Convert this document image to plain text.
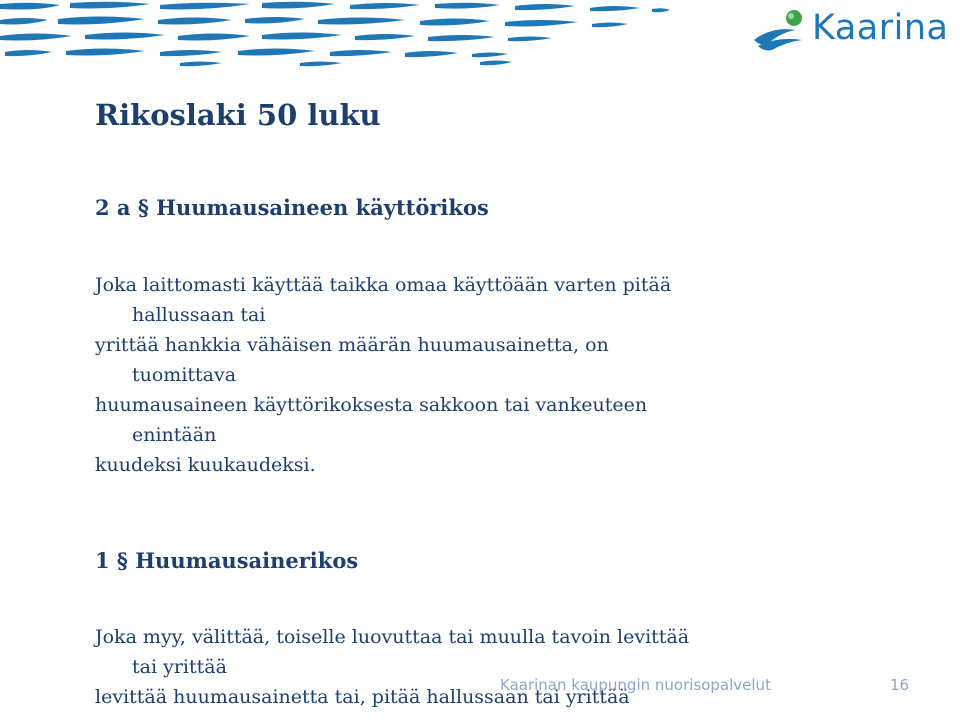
Kaarina
Rikoslaki 50 luku
2 a § Huumausaineen käyttörikos
Joka laittomasti käyttää taikka omaa käyttöään varten pitää
hallussaan tai
yrittää hankkia vähäisen määrän huumausainetta, on
tuomittava
huumausaineen käyttörikoksesta sakkoon tai vankeuteen
enintään
kuudeksi kuukaudeksi.
1 § Huumausainerikos
Joka myy, välittää, toiselle luovuttaa tai muulla tavoin levittää
tai yrittää
levittää huumausainetta tai, pitää hallussaan tai yrittää
Kaarinan kaupungin nuorisopalvelut	16
